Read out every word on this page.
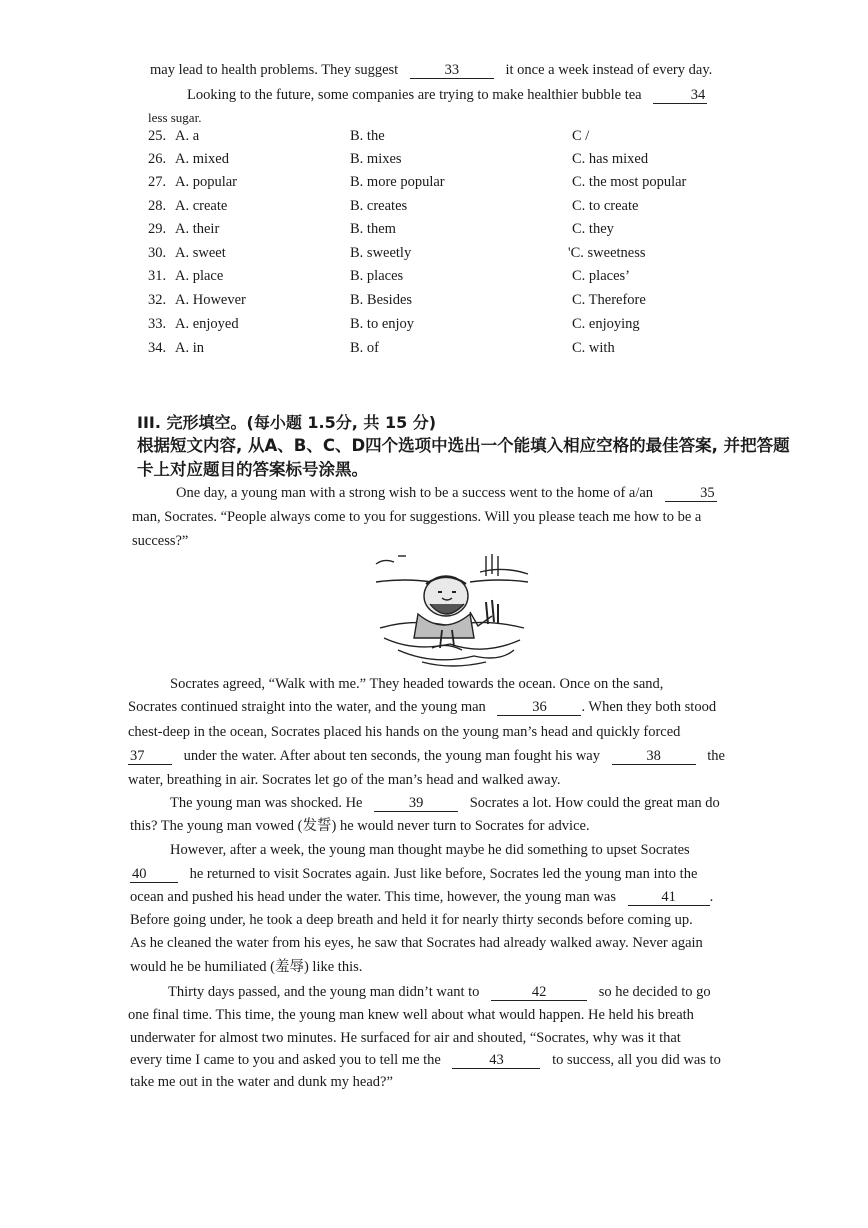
may lead to health problems. They suggest	33	it once a week instead of every day.
Looking to the future, some companies are trying to make healthier bubble tea	34
less sugar.
25. A. a	B. the	C /
26. A. mixed	B. mixes	C. has mixed
27. A. popular	B. more popular	C. the most popular
28. A. create	B. creates	C. to create
29. A. their	B. them	C. they
30. A. sweet	B. sweetly	'C. sweetness
31. A. place	B. places	C. places’
32. A. However	B. Besides	C. Therefore
33. A. enjoyed	B. to enjoy	C. enjoying
34. A. in	B. of	C. with
III. 完形填空。(每小题 1.5分, 共 15 分)
根据短文内容, 从A、B、C、D四个选项中选出一个能填入相应空格的最佳答案, 并把答题卡上对应题目的答案标号涂黑。
One day, a young man with a strong wish to be a success went to the home of a/an	35
man, Socrates. “People always come to you for suggestions. Will you please teach me how to be a
success?”
Socrates agreed, “Walk with me.” They headed towards the ocean. Once on the sand,
Socrates continued straight into the water, and the young man	36 . When they both stood
chest-deep in the ocean, Socrates placed his hands on the young man’s head and quickly forced
37	under the water. After about ten seconds, the young man fought his way	38	the
water, breathing in air. Socrates let go of the man’s head and walked away.
The young man was shocked. He	39	Socrates a lot. How could the great man do
this? The young man vowed (发誓) he would never turn to Socrates for advice.
However, after a week, the young man thought maybe he did something to upset Socrates
40	he returned to visit Socrates again. Just like before, Socrates led the young man into the
ocean and pushed his head under the water. This time, however, the young man was	41 .
Before going under, he took a deep breath and held it for nearly thirty seconds before coming up.
As he cleaned the water from his eyes, he saw that Socrates had already walked away. Never again
would he be humiliated (羞辱) like this.
Thirty days passed, and the young man didn’t want to	42	so he decided to go
one final time. This time, the young man knew well about what would happen. He held his breath
underwater for almost two minutes. He surfaced for air and shouted, “Socrates, why was it that
every time I came to you and asked you to tell me the	43	to success, all you did was to
take me out in the water and dunk my head?”
